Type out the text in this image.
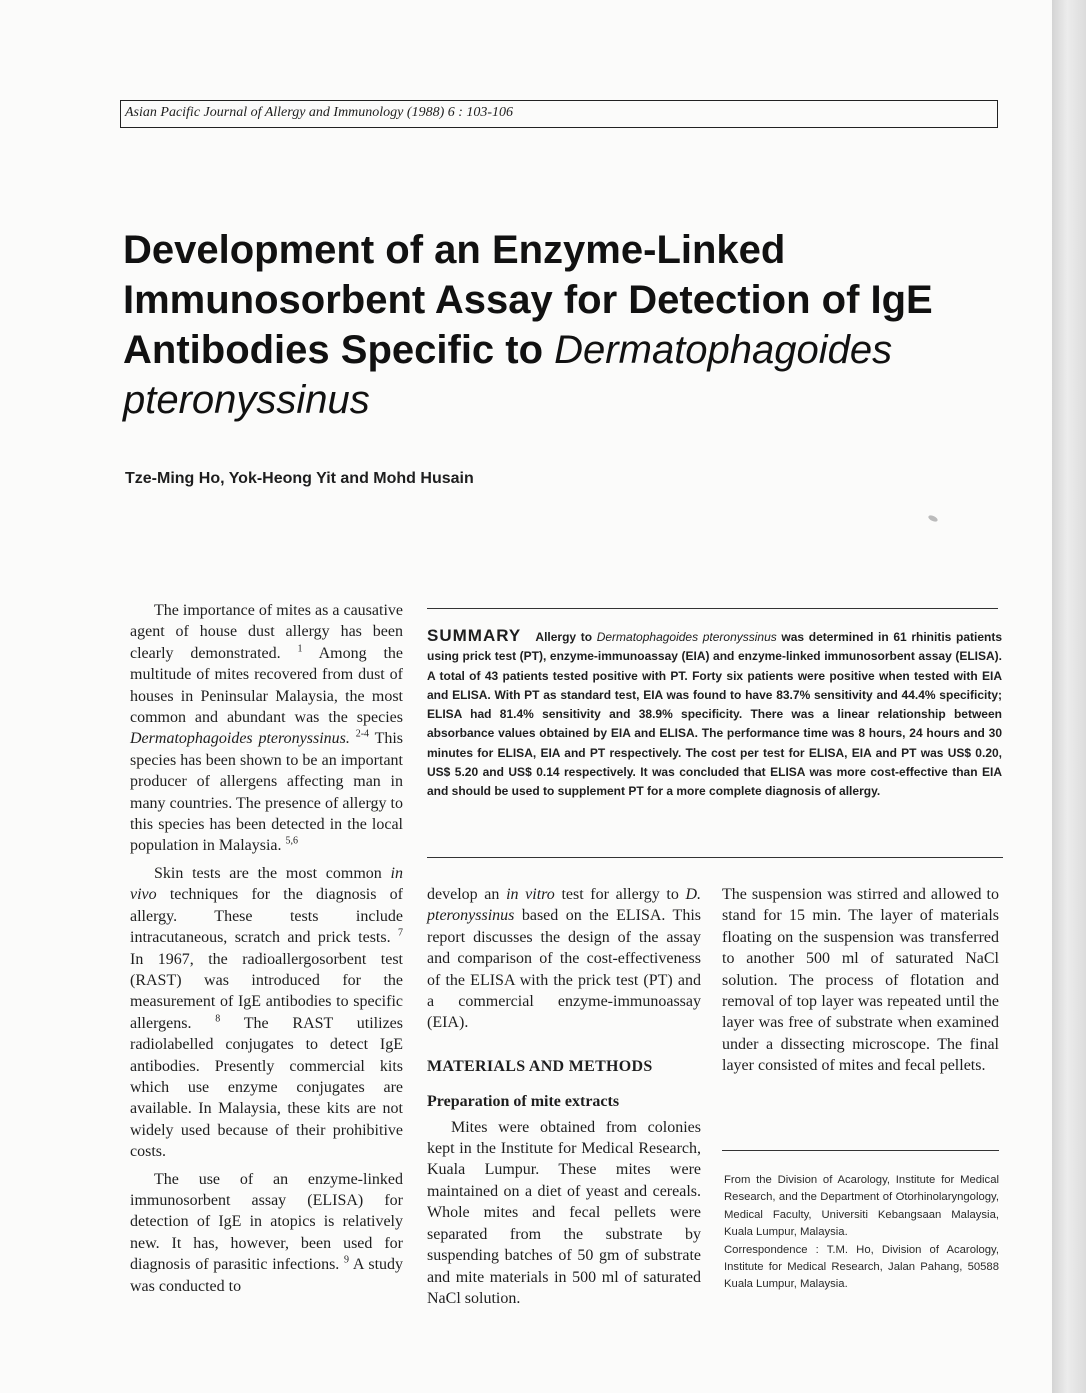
Asian Pacific Journal of Allergy and Immunology (1988) 6 : 103-106
Development of an Enzyme-Linked Immunosorbent Assay for Detection of IgE Antibodies Specific to Dermatophagoides pteronyssinus
Tze-Ming Ho, Yok-Heong Yit and Mohd Husain

The importance of mites as a causative agent of house dust allergy has been clearly demonstrated. $^1$ Among the multitude of mites recovered from dust of houses in Peninsular Malaysia, the most common and abundant was the species Dermatophagoides pteronyssinus. $^{2-4}$ This species has been shown to be an important producer of allergens affecting man in many countries. The presence of allergy to this species has been detected in the local population in Malaysia. $^{5,6}$

Skin tests are the most common in vivo techniques for the diagnosis of allergy. These tests include intracutaneous, scratch and prick tests. $^7$ In 1967, the radioallergosorbent test (RAST) was introduced for the measurement of IgE antibodies to specific allergens. $^8$ The RAST utilizes radiolabelled conjugates to detect IgE antibodies. Presently commercial kits which use enzyme conjugates are available. In Malaysia, these kits are not widely used because of their prohibitive costs.

The use of an enzyme-linked immunosorbent assay (ELISA) for detection of IgE in atopics is relatively new. It has, however, been used for diagnosis of parasitic infections. $^9$ A study was conducted to

SUMMARY Allergy to Dermatophagoides pteronyssinus was determined in 61 rhinitis patients using prick test (PT), enzyme-immunoassay (EIA) and enzyme-linked immunosorbent assay (ELISA). A total of 43 patients tested positive with PT. Forty six patients were positive when tested with EIA and ELISA. With PT as standard test, EIA was found to have 83.7% sensitivity and 44.4% specificity; ELISA had 81.4% sensitivity and 38.9% specificity. There was a linear relationship between absorbance values obtained by EIA and ELISA. The performance time was 8 hours, 24 hours and 30 minutes for ELISA, EIA and PT respectively. The cost per test for ELISA, EIA and PT was US$ 0.20, US$ 5.20 and US$ 0.14 respectively. It was concluded that ELISA was more cost-effective than EIA and should be used to supplement PT for a more complete diagnosis of allergy.

develop an in vitro test for allergy to D. pteronyssinus based on the ELISA. This report discusses the design of the assay and comparison of the cost-effectiveness of the ELISA with the prick test (PT) and a commercial enzyme-immunoassay (EIA).

MATERIALS AND METHODS

Preparation of mite extracts

Mites were obtained from colonies kept in the Institute for Medical Research, Kuala Lumpur. These mites were maintained on a diet of yeast and cereals. Whole mites and fecal pellets were separated from the substrate by suspending batches of 50 gm of substrate and mite materials in 500 ml of saturated NaCl solution.

The suspension was stirred and allowed to stand for 15 min. The layer of materials floating on the suspension was transferred to another 500 ml of saturated NaCl solution. The process of flotation and removal of top layer was repeated until the layer was free of substrate when examined under a dissecting microscope. The final layer consisted of mites and fecal pellets.

From the Division of Acarology, Institute for Medical Research, and the Department of Otorhinolaryngology, Medical Faculty, Universiti Kebangsaan Malaysia, Kuala Lumpur, Malaysia.

Correspondence : T.M. Ho, Division of Acarology, Institute for Medical Research, Jalan Pahang, 50588 Kuala Lumpur, Malaysia.
